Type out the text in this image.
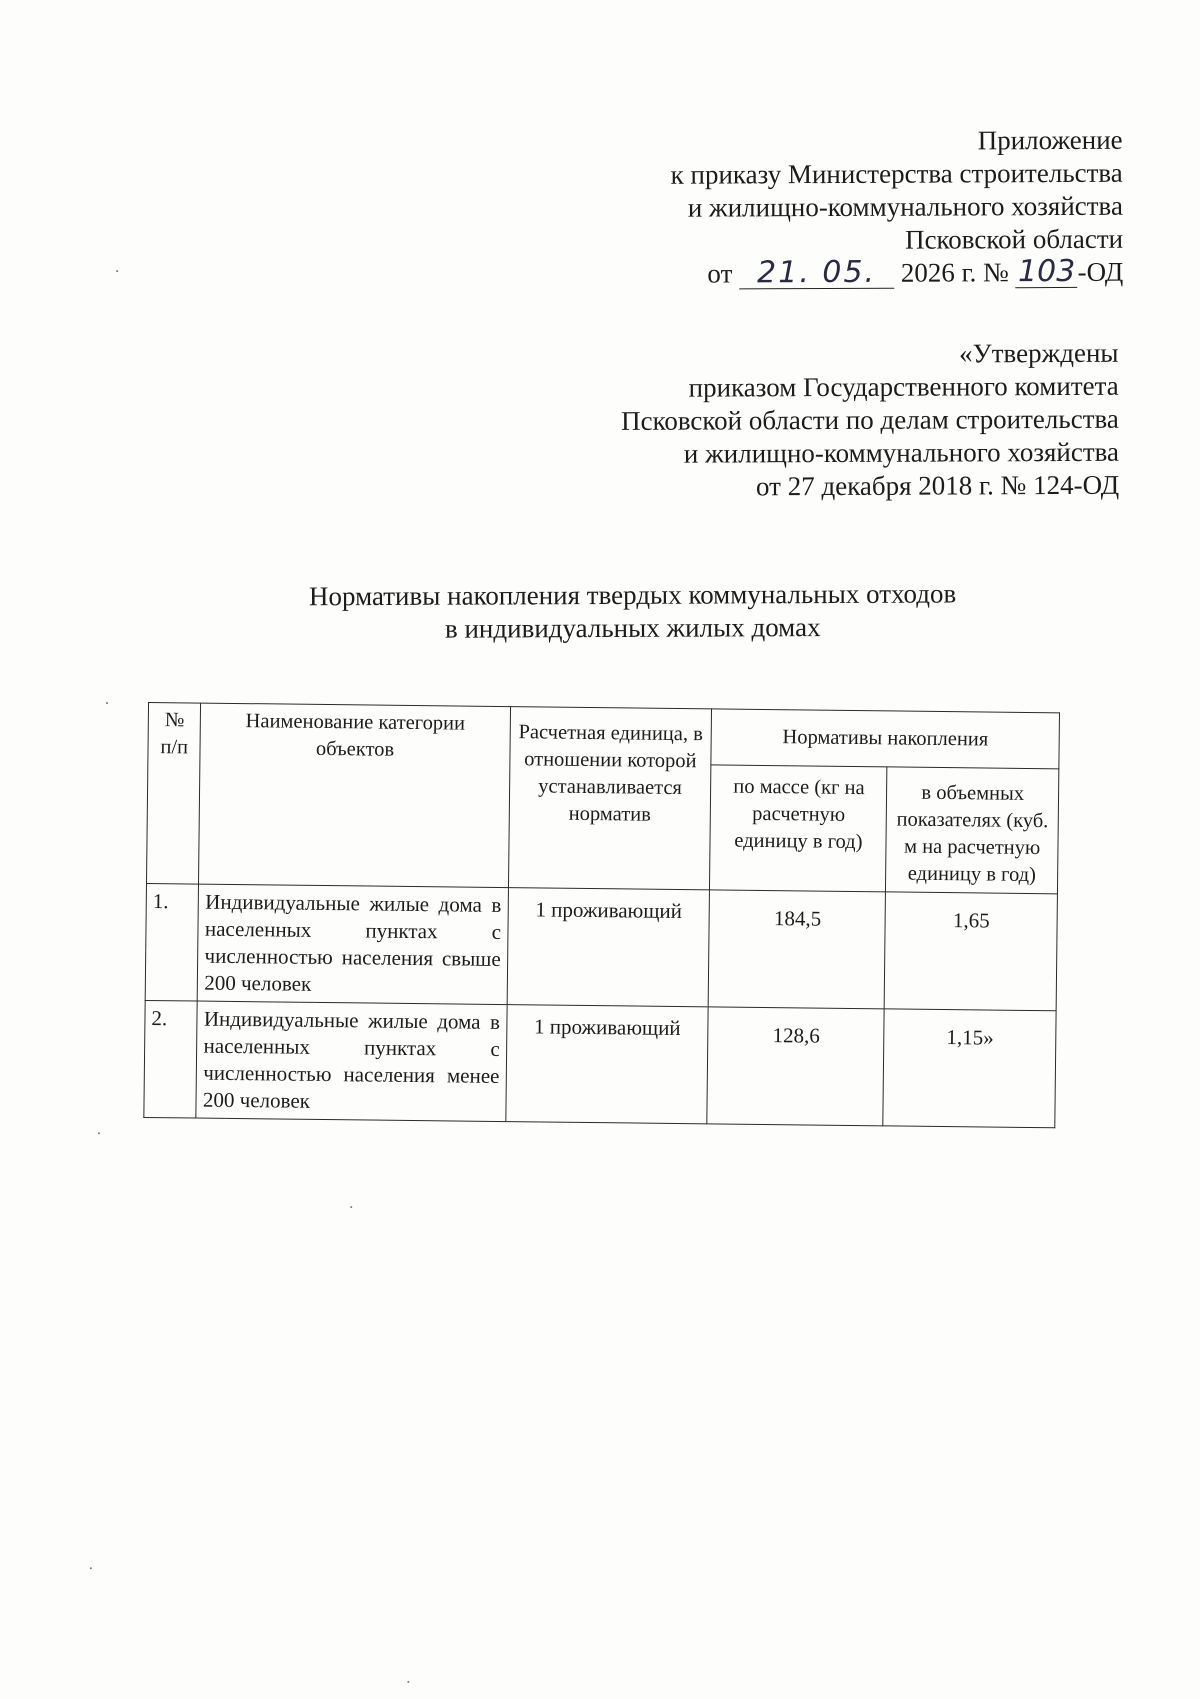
Приложение
к приказу Министерства строительства
и жилищно-коммунального хозяйства
Псковской области
от 21. 05. 2026 г. № 103-ОД
«Утверждены
приказом Государственного комитета
Псковской области по делам строительства
и жилищно-коммунального хозяйства
от 27 декабря 2018 г. № 124-ОД
Нормативы накопления твердых коммунальных отходов
в индивидуальных жилых домах
№ п/п	Наименование категории объектов	Расчетная единица, в отношении которой устанавливается норматив	Нормативы накопления	
			по массе (кг на расчетную единицу в год)	в объемных показателях (куб. м на расчетную единицу в год)
1.	Индивидуальные жилые дома в населенных пунктах с численностью населения свыше 200 человек	1 проживающий	184,5	1,65
2.	Индивидуальные жилые дома в населенных пунктах с численностью населения менее 200 человек	1 проживающий	128,6	1,15»
